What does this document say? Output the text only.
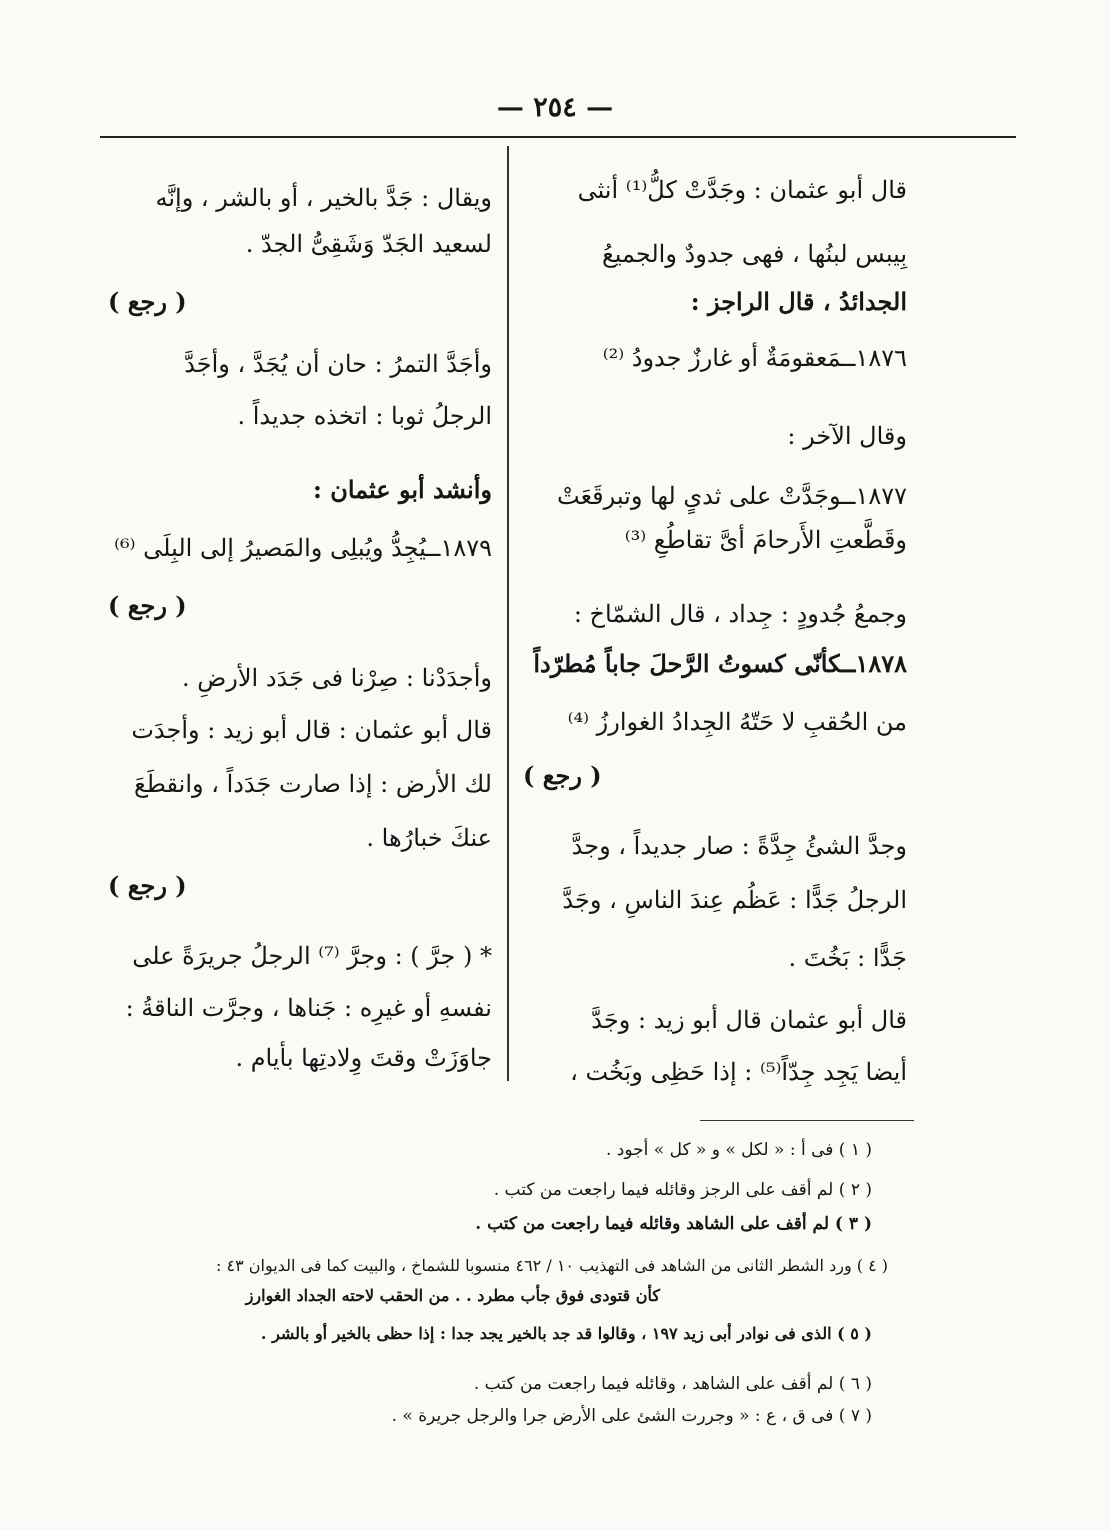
— ٢٥٤ —
قال أبو عثمان : وجَدَّتْ كلُّ⁽¹⁾ أنثى
بِيبس لبنُها ، فهى جدودٌ والجميعُ
الجدائدُ ، قال الراجز :
١٨٧٦ــمَعقومَةٌ أو غارزٌ جدودُ ⁽²⁾
وقال الآخر :
١٨٧٧ــوجَدَّتْ على ثدىٍ لها وتبرقَعَتْ
وقَطَّعتِ الأَرحامَ أىَّ تقاطُعِ ⁽³⁾
وجمعُ جُدودٍ : جِداد ، قال الشمّاخ :
١٨٧٨ــكأنّى كسوتُ الرَّحلَ جاباً مُطرّداً
من الحُقبِ لا حَتّهُ الجِدادُ الغوارزُ ⁽⁴⁾
( رجع )
وجدَّ الشئُ جِدَّةً : صار جديداً ، وجدَّ
الرجلُ جَدًّا : عَظُم عِندَ الناسِ ، وجَدَّ
جَدًّا : بَخُتَ .
قال أبو عثمان قال أبو زيد : وجَدَّ
أيضا يَجِد جِدّاً⁽⁵⁾ : إذا حَظِى وبَخُت ،
ويقال : جَدَّ بالخير ، أو بالشر ، وإنَّه
لسعيد الجَدّ وَشَقِىُّ الجدّ .
( رجع )
وأجَدَّ التمرُ : حان أن يُجَدَّ ، وأجَدَّ
الرجلُ ثوبا : اتخذه جديداً .
وأنشد أبو عثمان :
١٨٧٩ــيُجِدُّ ويُبلِى والمَصيرُ إلى البِلَى ⁽⁶⁾
( رجع )
وأجدَدْنا : صِرْنا فى جَدَد الأرضِ .
قال أبو عثمان : قال أبو زيد : وأجدَت
لك الأرض : إذا صارت جَدَداً ، وانقطَعَ
عنكَ خبارُها .
( رجع )
* ( جرَّ ) : وجرَّ ⁽⁷⁾ الرجلُ جريرَةً على
نفسهِ أو غيرِه : جَناها ، وجرَّت الناقةُ :
جاوَزَتْ وقتَ وِلادتِها بأيام .
( ١ ) فى أ : « لكل » و « كل » أجود .
( ٢ ) لم أقف على الرجز وقائله فيما راجعت من كتب .
( ٣ ) لم أقف على الشاهد وقائله فيما راجعت من كتب .
( ٤ ) ورد الشطر الثانى من الشاهد فى التهذيب ١٠ / ٤٦٢ منسوبا للشماخ ، والبيت كما فى الديوان ٤٣ :
كأن قتودى فوق جأب مطرد . . من الحقب لاحته الجداد الغوارز
( ٥ ) الذى فى نوادر أبى زيد ١٩٧ ، وقالوا قد جد بالخير يجد جدا : إذا حظى بالخير أو بالشر .
( ٦ ) لم أقف على الشاهد ، وقائله فيما راجعت من كتب .
( ٧ ) فى ق ، ع : « وجررت الشئ على الأرض جرا والرجل جريرة » .
